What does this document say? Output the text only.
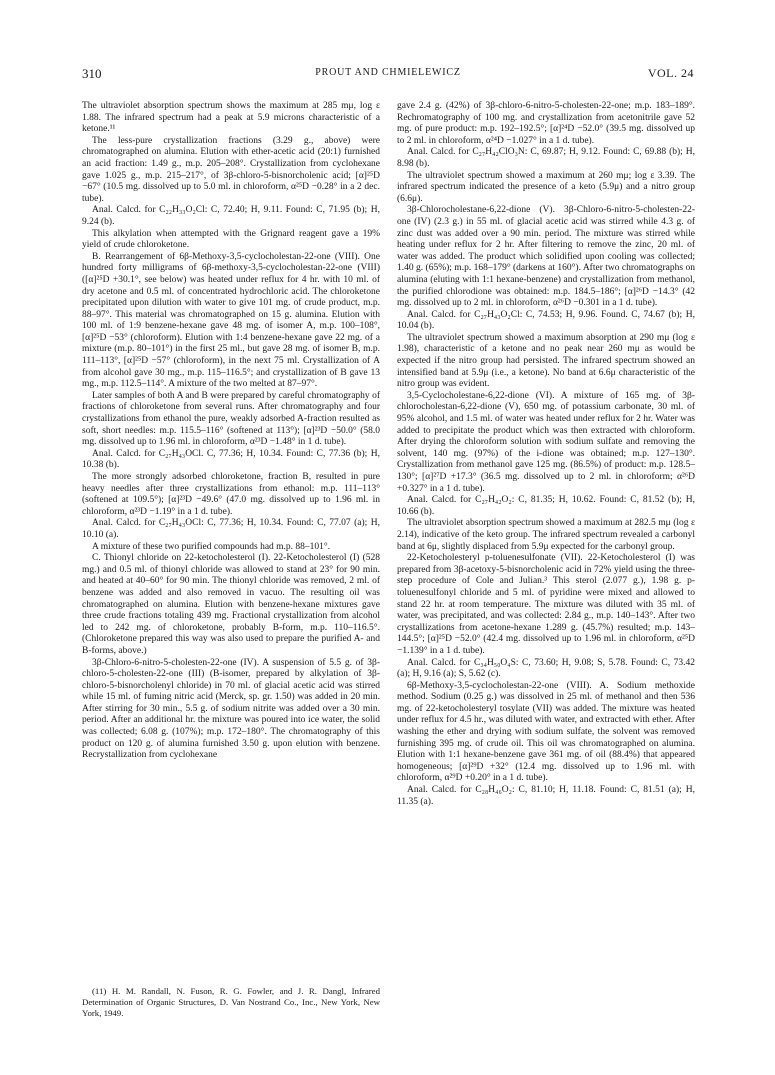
310	PROUT AND CHMIELEWICZ	VOL. 24

The ultraviolet absorption spectrum shows the maximum at 285 mμ, log ε 1.88. The infrared spectrum had a peak at 5.9 microns characteristic of a ketone.¹¹

The less-pure crystallization fractions (3.29 g., above) were chromatographed on alumina. Elution with ether-acetic acid (20:1) furnished an acid fraction: 1.49 g., m.p. 205–208°. Crystallization from cyclohexane gave 1.025 g., m.p. 215–217°, of 3β-chloro-5-bisnorcholenic acid; [α]²⁵D −67° (10.5 mg. dissolved up to 5.0 ml. in chloroform, α²⁵D −0.28° in a 2 dec. tube).

Anal. Calcd. for C₂₂H₃₃O₂Cl: C, 72.40; H, 9.11. Found: C, 71.95 (b); H, 9.24 (b).

This alkylation when attempted with the Grignard reagent gave a 19% yield of crude chloroketone.

B. Rearrangement of 6β-Methoxy-3,5-cyclocholestan-22-one (VIII). One hundred forty milligrams of 6β-methoxy-3,5-cyclocholestan-22-one (VIII) ([α]²⁵D +30.1°, see below) was heated under reflux for 4 hr. with 10 ml. of dry acetone and 0.5 ml. of concentrated hydrochloric acid. The chloroketone precipitated upon dilution with water to give 101 mg. of crude product, m.p. 88–97°. This material was chromatographed on 15 g. alumina. Elution with 100 ml. of 1:9 benzene-hexane gave 48 mg. of isomer A, m.p. 100–108°, [α]²⁵D −53° (chloroform). Elution with 1:4 benzene-hexane gave 22 mg. of a mixture (m.p. 80–101°) in the first 25 ml., but gave 28 mg. of isomer B, m.p. 111–113°, [α]²⁵D −57° (chloroform), in the next 75 ml. Crystallization of A from alcohol gave 30 mg., m.p. 115–116.5°; and crystallization of B gave 13 mg., m.p. 112.5–114°. A mixture of the two melted at 87–97°.

Later samples of both A and B were prepared by careful chromatography of fractions of chloroketone from several runs. After chromatography and four crystallizations from ethanol the pure, weakly adsorbed A-fraction resulted as soft, short needles: m.p. 115.5–116° (softened at 113°); [α]²³D −50.0° (58.0 mg. dissolved up to 1.96 ml. in chloroform, α²³D −1.48° in 1 d. tube).

Anal. Calcd. for C₂₇H₄₃OCl. C, 77.36; H, 10.34. Found: C, 77.36 (b); H, 10.38 (b).

The more strongly adsorbed chloroketone, fraction B, resulted in pure heavy needles after three crystallizations from ethanol: m.p. 111–113° (softened at 109.5°); [α]²³D −49.6° (47.0 mg. dissolved up to 1.96 ml. in chloroform, α²³D −1.19° in a 1 d. tube).

Anal. Calcd. for C₂₇H₄₃OCl: C, 77.36; H, 10.34. Found: C, 77.07 (a); H, 10.10 (a).

A mixture of these two purified compounds had m.p. 88–101°.

C. Thionyl chloride on 22-ketocholesterol (I). 22-Ketocholesterol (I) (528 mg.) and 0.5 ml. of thionyl chloride was allowed to stand at 23° for 90 min. and heated at 40–60° for 90 min. The thionyl chloride was removed, 2 ml. of benzene was added and also removed in vacuo. The resulting oil was chromatographed on alumina. Elution with benzene-hexane mixtures gave three crude fractions totaling 439 mg. Fractional crystallization from alcohol led to 242 mg. of chloroketone, probably B-form, m.p. 110–116.5°. (Chloroketone prepared this way was also used to prepare the purified A- and B-forms, above.)

3β-Chloro-6-nitro-5-cholesten-22-one (IV). A suspension of 5.5 g. of 3β-chloro-5-cholesten-22-one (III) (B-isomer, prepared by alkylation of 3β-chloro-5-bisnorcholenyl chloride) in 70 ml. of glacial acetic acid was stirred while 15 ml. of fuming nitric acid (Merck, sp. gr. 1.50) was added in 20 min. After stirring for 30 min., 5.5 g. of sodium nitrite was added over a 30 min. period. After an additional hr. the mixture was poured into ice water, the solid was collected; 6.08 g. (107%); m.p. 172–180°. The chromatography of this product on 120 g. of alumina furnished 3.50 g. upon elution with benzene. Recrystallization from cyclohexane

(11) H. M. Randall, N. Fuson, R. G. Fowler, and J. R. Dangl, Infrared Determination of Organic Structures, D. Van Nostrand Co., Inc., New York, New York, 1949.

gave 2.4 g. (42%) of 3β-chloro-6-nitro-5-cholesten-22-one; m.p. 183–189°. Rechromatography of 100 mg. and crystallization from acetonitrile gave 52 mg. of pure product: m.p. 192–192.5°; [α]²⁴D −52.0° (39.5 mg. dissolved up to 2 ml. in chloroform, α²⁴D −1.027° in a 1 d. tube).

Anal. Calcd. for C₂₇H₄₂ClO₃N: C, 69.87; H, 9.12. Found: C, 69.88 (b); H, 8.98 (b).

The ultraviolet spectrum showed a maximum at 260 mμ; log ε 3.39. The infrared spectrum indicated the presence of a keto (5.9μ) and a nitro group (6.6μ).

3β-Chlorocholestane-6,22-dione (V). 3β-Chloro-6-nitro-5-cholesten-22-one (IV) (2.3 g.) in 55 ml. of glacial acetic acid was stirred while 4.3 g. of zinc dust was added over a 90 min. period. The mixture was stirred while heating under reflux for 2 hr. After filtering to remove the zinc, 20 ml. of water was added. The product which solidified upon cooling was collected; 1.40 g. (65%); m.p. 168–179° (darkens at 160°). After two chromatographs on alumina (eluting with 1:1 hexane-benzene) and crystallization from methanol, the purified chlorodione was obtained: m.p. 184.5–186°; [α]²⁶D −14.3° (42 mg. dissolved up to 2 ml. in chloroform, α²⁶D −0.301 in a 1 d. tube).

Anal. Calcd. for C₂₇H₄₃O₂Cl: C, 74.53; H, 9.96. Found. C, 74.67 (b); H, 10.04 (b).

The ultraviolet spectrum showed a maximum absorption at 290 mμ (log ε 1.98), characteristic of a ketone and no peak near 260 mμ as would be expected if the nitro group had persisted. The infrared spectrum showed an intensified band at 5.9μ (i.e., a ketone). No band at 6.6μ characteristic of the nitro group was evident.

3,5-Cyclocholestane-6,22-dione (VI). A mixture of 165 mg. of 3β-chlorocholestan-6,22-dione (V), 650 mg. of potassium carbonate, 30 ml. of 95% alcohol, and 1.5 ml. of water was heated under reflux for 2 hr. Water was added to precipitate the product which was then extracted with chloroform. After drying the chloroform solution with sodium sulfate and removing the solvent, 140 mg. (97%) of the i-dione was obtained; m.p. 127–130°. Crystallization from methanol gave 125 mg. (86.5%) of product: m.p. 128.5–130°; [α]²⁷D +17.3° (36.5 mg. dissolved up to 2 ml. in chloroform; α²⁶D +0.327° in a 1 d. tube).

Anal. Calcd. for C₂₇H₄₂O₂: C, 81.35; H, 10.62. Found: C, 81.52 (b); H, 10.66 (b).

The ultraviolet absorption spectrum showed a maximum at 282.5 mμ (log ε 2.14), indicative of the keto group. The infrared spectrum revealed a carbonyl band at 6μ, slightly displaced from 5.9μ expected for the carbonyl group.

22-Ketocholesteryl p-toluenesulfonate (VII). 22-Ketocholesterol (I) was prepared from 3β-acetoxy-5-bisnorcholenic acid in 72% yield using the three-step procedure of Cole and Julian.³ This sterol (2.077 g.), 1.98 g. p-toluenesulfonyl chloride and 5 ml. of pyridine were mixed and allowed to stand 22 hr. at room temperature. The mixture was diluted with 35 ml. of water, was precipitated, and was collected: 2.84 g., m.p. 140–143°. After two crystallizations from acetone-hexane 1.289 g. (45.7%) resulted; m.p. 143–144.5°; [α]²⁵D −52.0° (42.4 mg. dissolved up to 1.96 ml. in chloroform, α²⁵D −1.139° in a 1 d. tube).

Anal. Calcd. for C₃₄H₅₀O₄S: C, 73.60; H, 9.08; S, 5.78. Found: C, 73.42 (a); H, 9.16 (a); S, 5.62 (c).

6β-Methoxy-3,5-cyclocholestan-22-one (VIII). A. Sodium methoxide method. Sodium (0.25 g.) was dissolved in 25 ml. of methanol and then 536 mg. of 22-ketocholesteryl tosylate (VII) was added. The mixture was heated under reflux for 4.5 hr., was diluted with water, and extracted with ether. After washing the ether and drying with sodium sulfate, the solvent was removed furnishing 395 mg. of crude oil. This oil was chromatographed on alumina. Elution with 1:1 hexane-benzene gave 361 mg. of oil (88.4%) that appeared homogeneous; [α]²⁹D +32° (12.4 mg. dissolved up to 1.96 ml. with chloroform, α²⁹D +0.20° in a 1 d. tube).

Anal. Calcd. for C₂₈H₄₆O₂: C, 81.10; H, 11.18. Found: C, 81.51 (a); H, 11.35 (a).
